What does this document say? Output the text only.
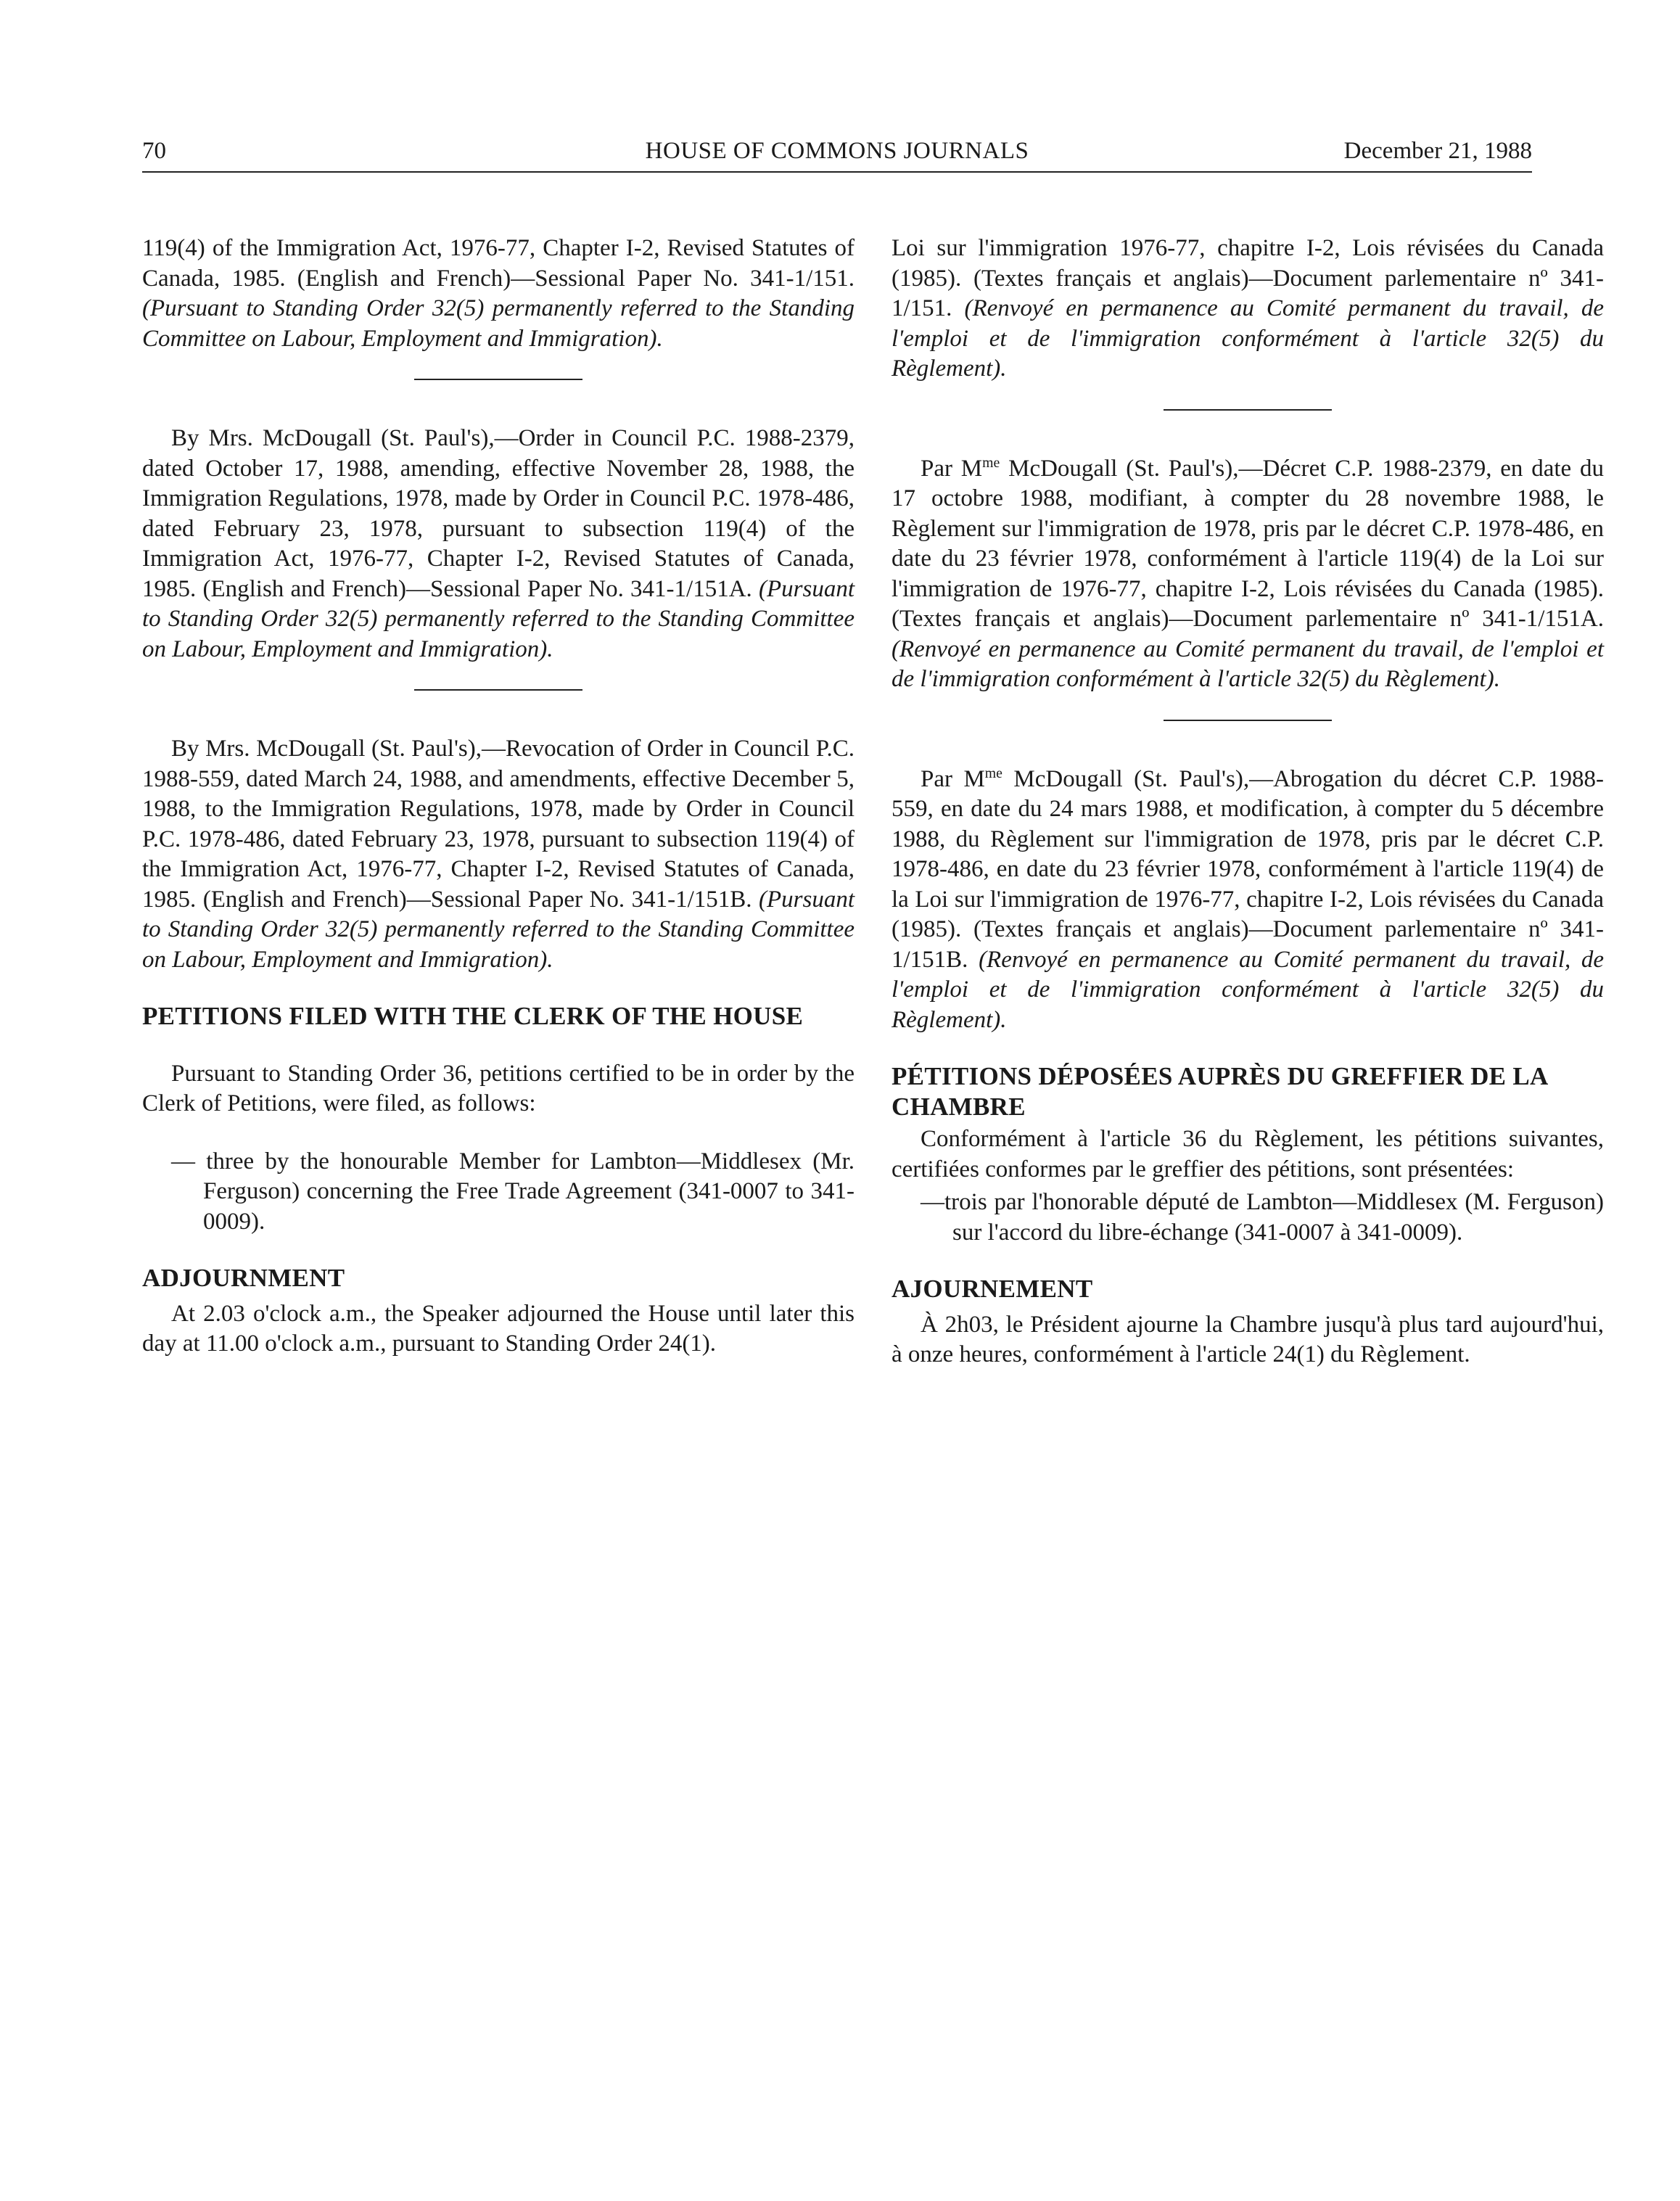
70	HOUSE OF COMMONS JOURNALS	December 21, 1988

119(4) of the Immigration Act, 1976-77, Chapter I-2, Revised Statutes of Canada, 1985. (English and French)—Sessional Paper No. 341-1/151. (Pursuant to Standing Order 32(5) permanently referred to the Standing Committee on Labour, Employment and Immigration).

By Mrs. McDougall (St. Paul's),—Order in Council P.C. 1988-2379, dated October 17, 1988, amending, effective November 28, 1988, the Immigration Regulations, 1978, made by Order in Council P.C. 1978-486, dated February 23, 1978, pursuant to subsection 119(4) of the Immigration Act, 1976-77, Chapter I-2, Revised Statutes of Canada, 1985. (English and French)—Sessional Paper No. 341-1/151A. (Pursuant to Standing Order 32(5) permanently referred to the Standing Committee on Labour, Employment and Immigration).

By Mrs. McDougall (St. Paul's),—Revocation of Order in Council P.C. 1988-559, dated March 24, 1988, and amendments, effective December 5, 1988, to the Immigration Regulations, 1978, made by Order in Council P.C. 1978-486, dated February 23, 1978, pursuant to subsection 119(4) of the Immigration Act, 1976-77, Chapter I-2, Revised Statutes of Canada, 1985. (English and French)—Sessional Paper No. 341-1/151B. (Pursuant to Standing Order 32(5) permanently referred to the Standing Committee on Labour, Employment and Immigration).

PETITIONS FILED WITH THE CLERK OF THE HOUSE

Pursuant to Standing Order 36, petitions certified to be in order by the Clerk of Petitions, were filed, as follows:

— three by the honourable Member for Lambton—Middlesex (Mr. Ferguson) concerning the Free Trade Agreement (341-0007 to 341-0009).

ADJOURNMENT

At 2.03 o'clock a.m., the Speaker adjourned the House until later this day at 11.00 o'clock a.m., pursuant to Standing Order 24(1).

Loi sur l'immigration 1976-77, chapitre I-2, Lois révisées du Canada (1985). (Textes français et anglais)—Document parlementaire nº 341-1/151. (Renvoyé en permanence au Comité permanent du travail, de l'emploi et de l'immigration conformément à l'article 32(5) du Règlement).

Par $M^{me}$ McDougall (St. Paul's),—Décret C.P. 1988-2379, en date du 17 octobre 1988, modifiant, à compter du 28 novembre 1988, le Règlement sur l'immigration de 1978, pris par le décret C.P. 1978-486, en date du 23 février 1978, conformément à l'article 119(4) de la Loi sur l'immigration de 1976-77, chapitre I-2, Lois révisées du Canada (1985). (Textes français et anglais)—Document parlementaire nº 341-1/151A. (Renvoyé en permanence au Comité permanent du travail, de l'emploi et de l'immigration conformément à l'article 32(5) du Règlement).

Par $M^{me}$ McDougall (St. Paul's),—Abrogation du décret C.P. 1988-559, en date du 24 mars 1988, et modification, à compter du 5 décembre 1988, du Règlement sur l'immigration de 1978, pris par le décret C.P. 1978-486, en date du 23 février 1978, conformément à l'article 119(4) de la Loi sur l'immigration de 1976-77, chapitre I-2, Lois révisées du Canada (1985). (Textes français et anglais)—Document parlementaire nº 341-1/151B. (Renvoyé en permanence au Comité permanent du travail, de l'emploi et de l'immigration conformément à l'article 32(5) du Règlement).

PÉTITIONS DÉPOSÉES AUPRÈS DU GREFFIER DE LA CHAMBRE

Conformément à l'article 36 du Règlement, les pétitions suivantes, certifiées conformes par le greffier des pétitions, sont présentées:

—trois par l'honorable député de Lambton—Middlesex (M. Ferguson) sur l'accord du libre-échange (341-0007 à 341-0009).

AJOURNEMENT

À 2h03, le Président ajourne la Chambre jusqu'à plus tard aujourd'hui, à onze heures, conformément à l'article 24(1) du Règlement.
